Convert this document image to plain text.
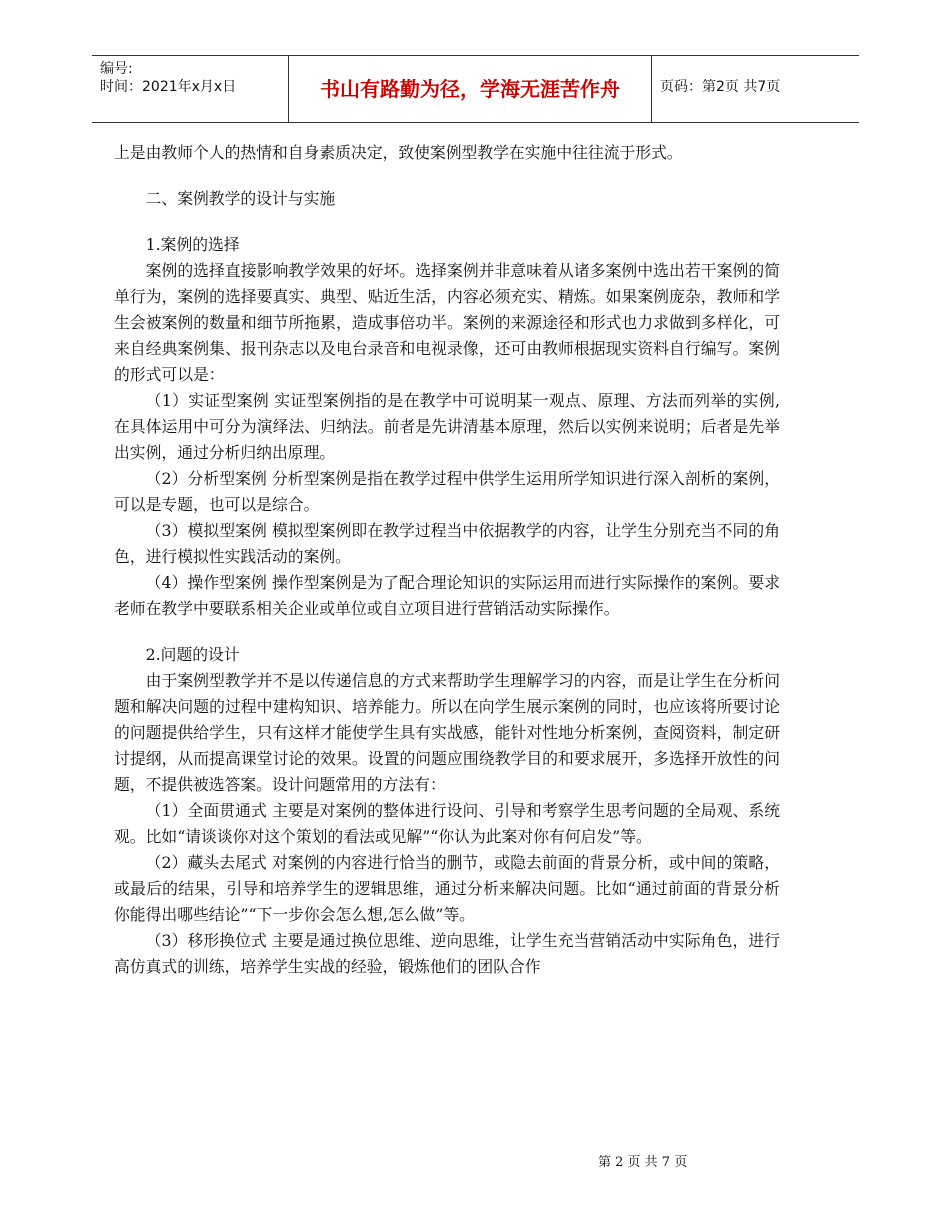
编号:
时间：2021年x月x日	书山有路勤为径，学海无涯苦作舟	页码：第2页 共7页

上是由教师个人的热情和自身素质决定，致使案例型教学在实施中往往流于形式。

二、案例教学的设计与实施

1.案例的选择

案例的选择直接影响教学效果的好坏。选择案例并非意味着从诸多案例中选出若干案例的简单行为，案例的选择要真实、典型、贴近生活，内容必须充实、精炼。如果案例庞杂，教师和学生会被案例的数量和细节所拖累，造成事倍功半。案例的来源途径和形式也力求做到多样化，可来自经典案例集、报刊杂志以及电台录音和电视录像，还可由教师根据现实资料自行编写。案例的形式可以是：

（1）实证型案例 实证型案例指的是在教学中可说明某一观点、原理、方法而列举的实例,在具体运用中可分为演绎法、归纳法。前者是先讲清基本原理，然后以实例来说明；后者是先举出实例，通过分析归纳出原理。

（2）分析型案例 分析型案例是指在教学过程中供学生运用所学知识进行深入剖析的案例，可以是专题，也可以是综合。

（3）模拟型案例 模拟型案例即在教学过程当中依据教学的内容，让学生分别充当不同的角色，进行模拟性实践活动的案例。

（4）操作型案例 操作型案例是为了配合理论知识的实际运用而进行实际操作的案例。要求老师在教学中要联系相关企业或单位或自立项目进行营销活动实际操作。

2.问题的设计

由于案例型教学并不是以传递信息的方式来帮助学生理解学习的内容，而是让学生在分析问题和解决问题的过程中建构知识、培养能力。所以在向学生展示案例的同时，也应该将所要讨论的问题提供给学生，只有这样才能使学生具有实战感，能针对性地分析案例，查阅资料，制定研讨提纲，从而提高课堂讨论的效果。设置的问题应围绕教学目的和要求展开，多选择开放性的问题，不提供被选答案。设计问题常用的方法有：

（1）全面贯通式 主要是对案例的整体进行设问、引导和考察学生思考问题的全局观、系统观。比如“请谈谈你对这个策划的看法或见解”“你认为此案对你有何启发”等。

（2）藏头去尾式 对案例的内容进行恰当的删节，或隐去前面的背景分析，或中间的策略，或最后的结果，引导和培养学生的逻辑思维，通过分析来解决问题。比如“通过前面的背景分析你能得出哪些结论”“下一步你会怎么想,怎么做”等。

（3）移形换位式 主要是通过换位思维、逆向思维，让学生充当营销活动中实际角色，进行高仿真式的训练，培养学生实战的经验，锻炼他们的团队合作

第 2 页 共 7 页
